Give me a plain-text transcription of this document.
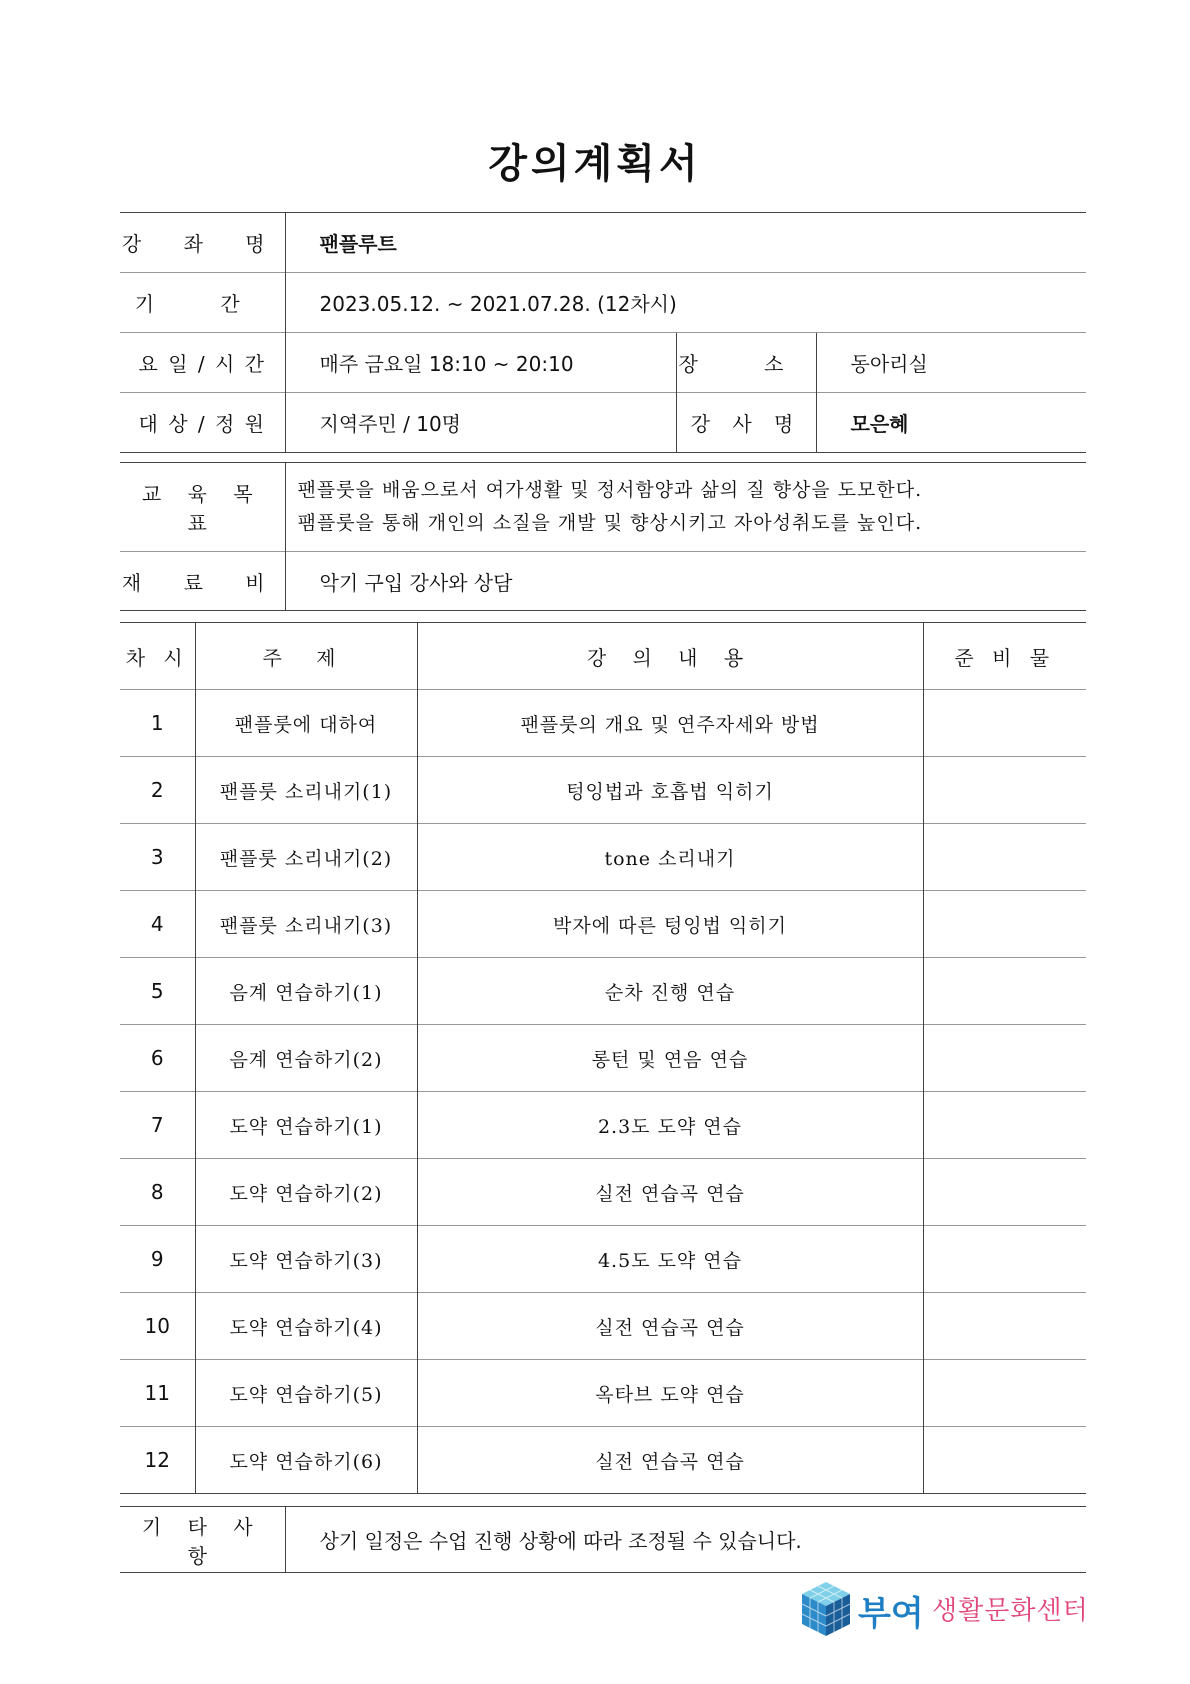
강의계획서
강 좌 명	팬플루트		
기 간	2023.05.12. ~ 2021.07.28. (12차시)		
요 일 / 시 간	매주 금요일 18:10 ~ 20:10	장 소	동아리실
대 상 / 정 원	지역주민 / 10명	강 사 명	모은혜
교 육 목 표	팬플룻을 배움으로서 여가생활 및 정서함양과 삶의 질 향상을 도모한다.
팸플룻을 통해 개인의 소질을 개발 및 향상시키고 자아성취도를 높인다.

재 료 비	악기 구입 강사와 상담
차 시	주 제	강 의 내 용	준 비 물
1	팬플룻에 대하여	팬플룻의 개요 및 연주자세와 방법	
2	팬플룻 소리내기(1)	텅잉법과 호흡법 익히기	
3	팬플룻 소리내기(2)	tone 소리내기	
4	팬플룻 소리내기(3)	박자에 따른 텅잉법 익히기	
5	음계 연습하기(1)	순차 진행 연습	
6	음계 연습하기(2)	롱턴 및 연음 연습	
7	도약 연습하기(1)	2.3도 도약 연습	
8	도약 연습하기(2)	실전 연습곡 연습	
9	도약 연습하기(3)	4.5도 도약 연습	
10	도약 연습하기(4)	실전 연습곡 연습	
11	도약 연습하기(5)	옥타브 도약 연습	
12	도약 연습하기(6)	실전 연습곡 연습	
기 타 사 항	상기 일정은 수업 진행 상황에 따라 조정될 수 있습니다.
부여 생활문화센터
